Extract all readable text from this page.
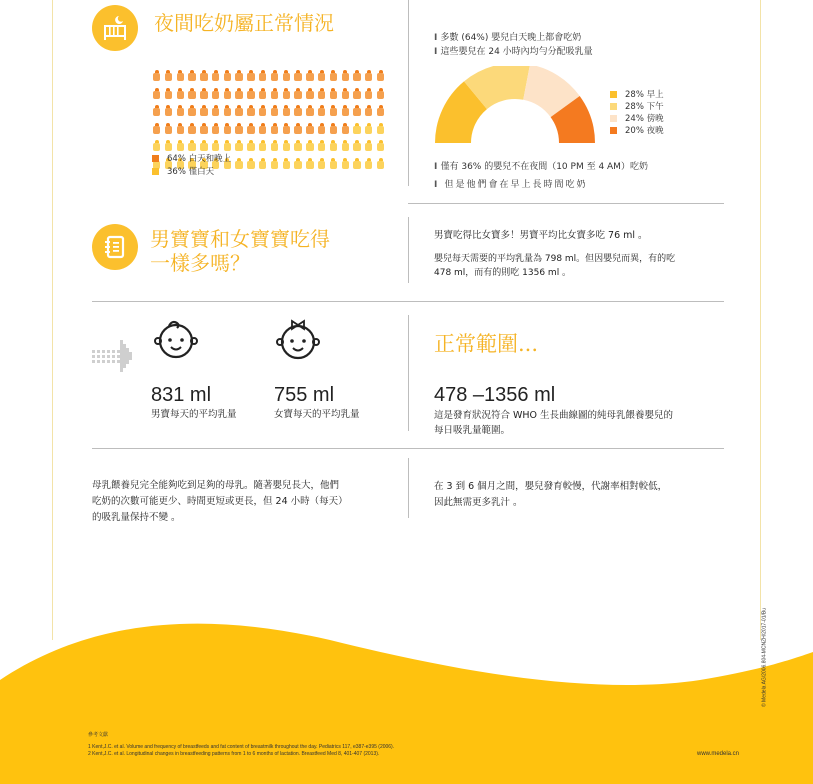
夜間吃奶屬正常情況
64% 白天和晚上
36% 僅白天
I 多數 (64%) 嬰兒白天晚上都會吃奶
I 這些嬰兒在 24 小時內均勻分配吸乳量
28% 早上
28% 下午
24% 傍晚
20% 夜晚
I 僅有 36% 的嬰兒不在夜間（10 PM 至 4 AM）吃奶
I 但是他們會在早上長時間吃奶
男寶寶和女寶寶吃得
一樣多嗎？
男寶吃得比女寶多！男寶平均比女寶多吃 76 ml 。
嬰兒每天需要的平均乳量為 798 ml。但因嬰兒而異，有的吃
478 ml，而有的則吃 1356 ml 。
831 ml
男寶每天的平均乳量
755 ml
女寶每天的平均乳量
正常範圍...
478 –1356 ml
這是發育狀況符合 WHO 生長曲線圖的純母乳餵養嬰兒的
每日吸乳量範圍。
母乳餵養兒完全能夠吃到足夠的母乳。隨著嬰兒長大，他們
吃奶的次數可能更少、時間更短或更長，但 24 小時（每天）
的吸乳量保持不變 。
在 3 到 6 個月之間，嬰兒發育較慢，代謝率相對較低，
因此無需更多乳汁 。
參考文獻
1 Kent,J.C. et al. Volume and frequency of breastfeeds and fat content of breastmilk throughout the day. Pediatrics 117, e387-e395 (2006).
2 Kent,J.C. et al. Longitudinal changes in breastfeeding patterns from 1 to 6 months of lactation. Breastfeed Med 8, 401-407 (2013).	www.medela.cn
© Medela AG/2006.804-MCNZH/2017-01/Bu
